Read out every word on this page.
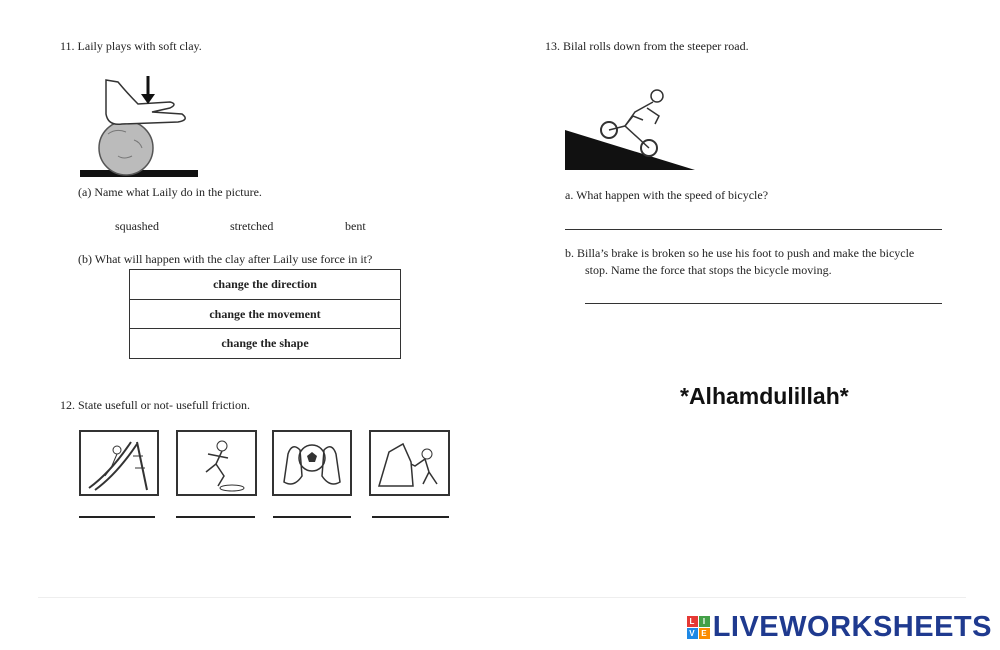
11. Laily plays with soft clay.
(a) Name what Laily do in the picture.
squashed	stretched	bent
(b) What will happen with the clay after Laily use force in it?
change the direction
change the movement
change the shape
12. State usefull or not- usefull friction.
13. Bilal rolls down from the steeper road.
a. What happen with the speed of bicycle?
b. Billa’s brake is broken so he use his foot to push and make the bicycle
stop. Name the force that stops the bicycle moving.
*Alhamdulillah*
L I
V E LIVEWORKSHEETS
